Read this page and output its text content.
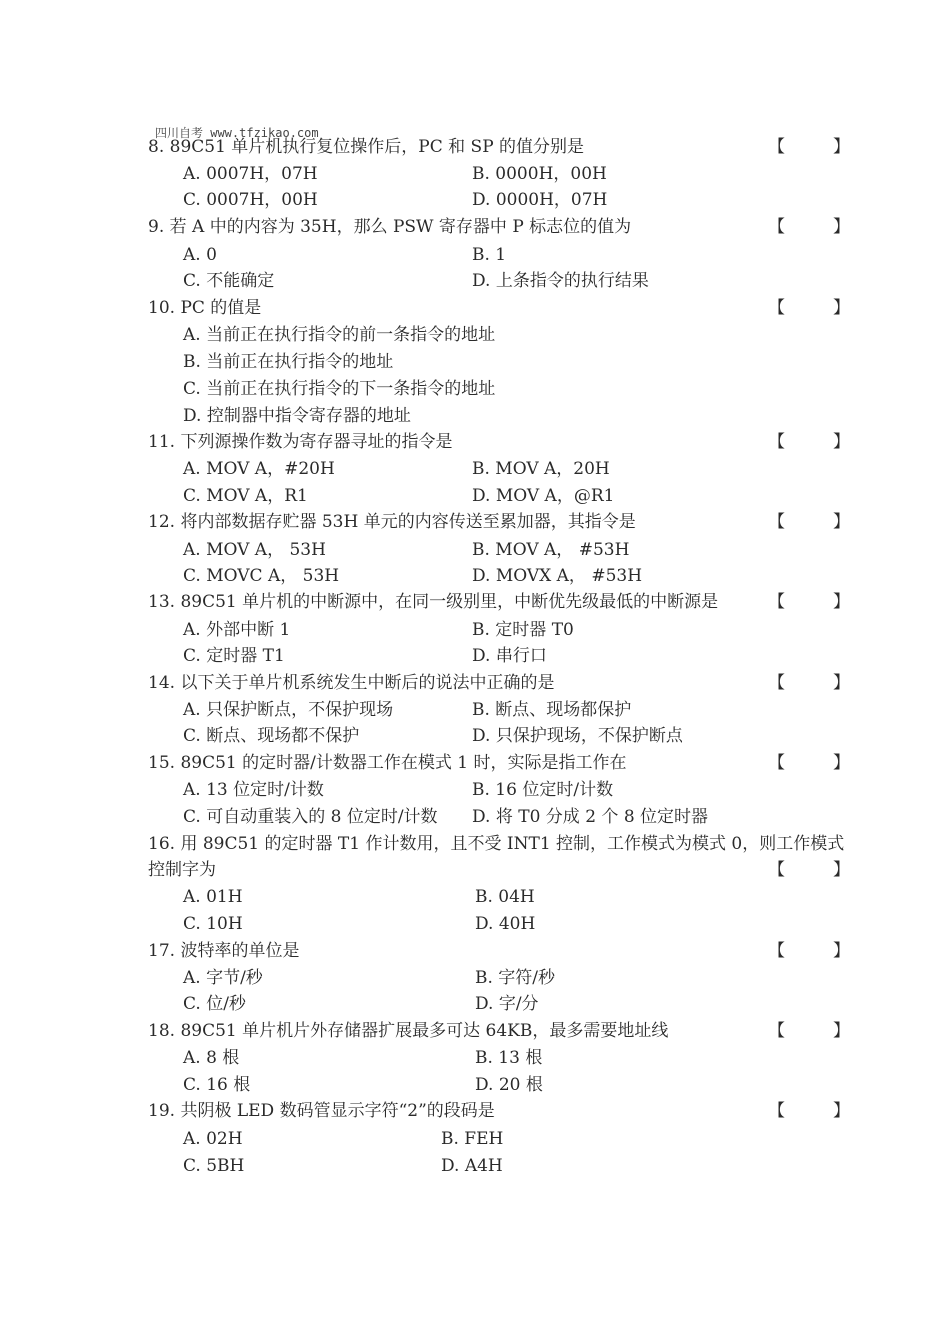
四川自考 www.tfzikao.com
8. 89C51 单片机执行复位操作后，PC 和 SP 的值分别是	【	】
A. 0007H，07H	B. 0000H，00H
C. 0007H，00H	D. 0000H，07H
9. 若 A 中的内容为 35H，那么 PSW 寄存器中 P 标志位的值为	【	】
A. 0	B. 1
C. 不能确定	D. 上条指令的执行结果
10. PC 的值是	【	】
A. 当前正在执行指令的前一条指令的地址
B. 当前正在执行指令的地址
C. 当前正在执行指令的下一条指令的地址
D. 控制器中指令寄存器的地址
11. 下列源操作数为寄存器寻址的指令是	【	】
A. MOV A，#20H	B. MOV A，20H
C. MOV A，R1	D. MOV A，@R1
12. 将内部数据存贮器 53H 单元的内容传送至累加器，其指令是	【	】
A. MOV A， 53H	B. MOV A， #53H
C. MOVC A， 53H	D. MOVX A， #53H
13. 89C51 单片机的中断源中，在同一级别里，中断优先级最低的中断源是	【	】
A. 外部中断 1	B. 定时器 T0
C. 定时器 T1	D. 串行口
14. 以下关于单片机系统发生中断后的说法中正确的是	【	】
A. 只保护断点，不保护现场	B. 断点、现场都保护
C. 断点、现场都不保护	D. 只保护现场，不保护断点
15. 89C51 的定时器/计数器工作在模式 1 时，实际是指工作在	【	】
A. 13 位定时/计数	B. 16 位定时/计数
C. 可自动重装入的 8 位定时/计数 D. 将 T0 分成 2 个 8 位定时器
16. 用 89C51 的定时器 T1 作计数用，且不受 INT1 控制，工作模式为模式 0，则工作模式控制字为	【	】
A. 01H	B. 04H
C. 10H	D. 40H
17. 波特率的单位是	【	】
A. 字节/秒	B. 字符/秒
C. 位/秒	D. 字/分
18. 89C51 单片机片外存储器扩展最多可达 64KB，最多需要地址线	【	】
A. 8 根	B. 13 根
C. 16 根	D. 20 根
19. 共阴极 LED 数码管显示字符“2”的段码是	【	】
A. 02H	B. FEH
C. 5BH	D. A4H
